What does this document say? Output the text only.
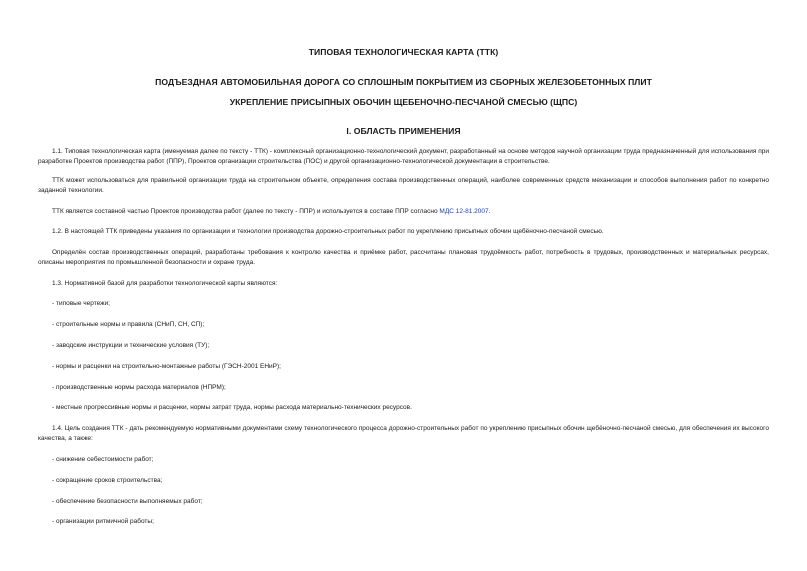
ТИПОВАЯ ТЕХНОЛОГИЧЕСКАЯ КАРТА (ТТК)
ПОДЪЕЗДНАЯ АВТОМОБИЛЬНАЯ ДОРОГА СО СПЛОШНЫМ ПОКРЫТИЕМ ИЗ СБОРНЫХ ЖЕЛЕЗОБЕТОННЫХ ПЛИТ
УКРЕПЛЕНИЕ ПРИСЫПНЫХ ОБОЧИН ЩЕБЕНОЧНО-ПЕСЧАНОЙ СМЕСЬЮ (ЩПС)
I. ОБЛАСТЬ ПРИМЕНЕНИЯ
1.1. Типовая технологическая карта (именуемая далее по тексту - ТТК) - комплексный организационно-технологический документ, разработанный на основе методов научной организации труда предназначенный для использования при разработке Проектов производства работ (ППР), Проектов организации строительства (ПОС) и другой организационно-технологической документации в строительстве.
ТТК может использоваться для правильной организации труда на строительном объекте, определения состава производственных операций, наиболее современных средств механизации и способов выполнения работ по конкретно заданной технологии.
ТТК является составной частью Проектов производства работ (далее по тексту - ППР) и используется в составе ППР согласно МДС 12-81.2007.
1.2. В настоящей ТТК приведены указания по организации и технологии производства дорожно-строительных работ по укреплению присыпных обочин щебёночно-песчаной смесью.
Определён состав производственных операций, разработаны требования к контролю качества и приёмке работ, рассчитаны плановая трудоёмкость работ, потребность в трудовых, производственных и материальных ресурсах, описаны мероприятия по промышленной безопасности и охране труда.
1.3. Нормативной базой для разработки технологической карты являются:
- типовые чертежи;
- строительные нормы и правила (СНиП, СН, СП);
- заводские инструкции и технические условия (ТУ);
- нормы и расценки на строительно-монтажные работы (ГЭСН-2001 ЕНиР);
- производственные нормы расхода материалов (НПРМ);
- местные прогрессивные нормы и расценки, нормы затрат труда, нормы расхода материально-технических ресурсов.
1.4. Цель создания ТТК - дать рекомендуемую нормативными документами схему технологического процесса дорожно-строительных работ по укреплению присыпных обочин щебёночно-песчаной смесью, для обеспечения их высокого качества, а также:
- снижение себестоимости работ;
- сокращение сроков строительства;
- обеспечение безопасности выполняемых работ;
- организации ритмичной работы;
